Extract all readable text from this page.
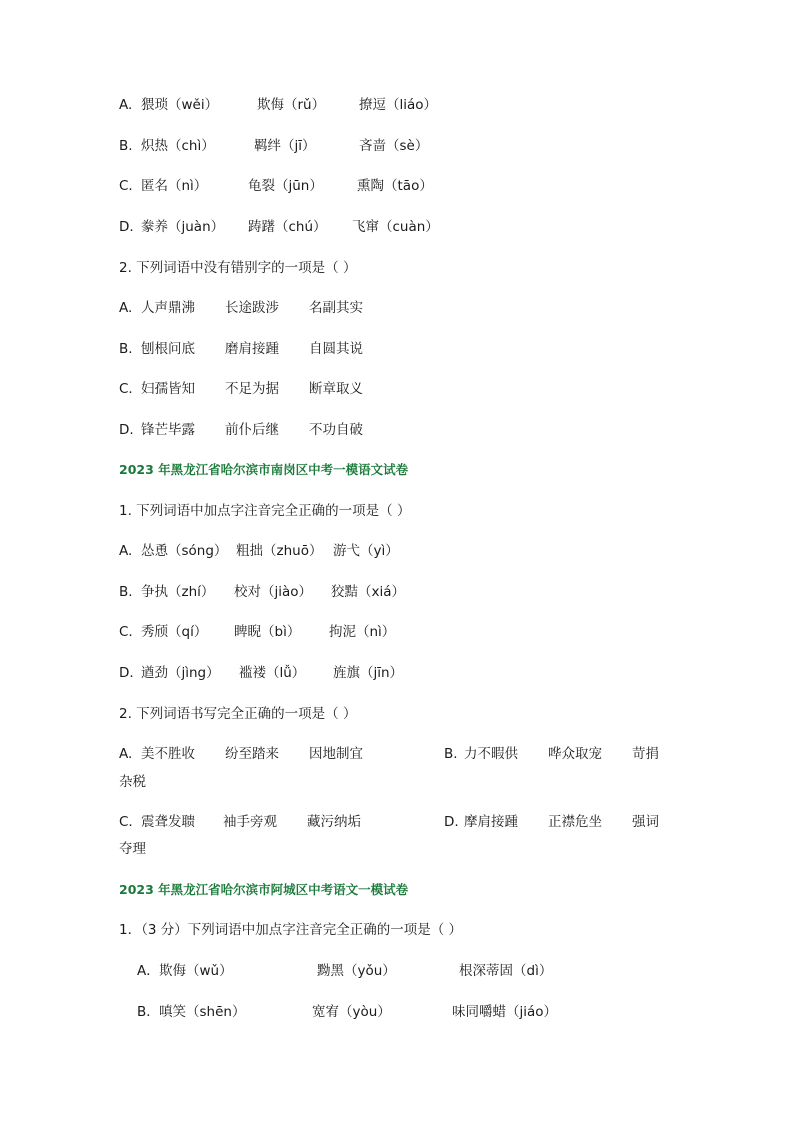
A. 猥琐（wěi）	欺侮（rǔ）	撩逗（liáo）
B. 炽热（chì）	羁绊（jī）	吝啬（sè）
C. 匿名（nì）	龟裂（jūn）	熏陶（tāo）
D. 豢养（juàn） 踌躇（chú） 飞窜（cuàn）
2. 下列词语中没有错别字的一项是（ ）
A. 人声鼎沸 长途跋涉 名副其实
B. 刨根问底 磨肩接踵 自圆其说
C. 妇孺皆知 不足为据 断章取义
D. 锋芒毕露 前仆后继 不功自破
2023 年黑龙江省哈尔滨市南岗区中考一模语文试卷
1. 下列词语中加点字注音完全正确的一项是（ ）
A. 怂恿（sóng） 粗拙（zhuō） 游弋（yì）
B. 争执（zhí） 校对（jiào） 狡黠（xiá）
C. 秀颀（qí） 睥睨（bì） 拘泥（nì）
D. 遒劲（jìng） 褴褛（lǚ） 旌旗（jīn）
2. 下列词语书写完全正确的一项是（ ）
A. 美不胜收 纷至踏来 因地制宜	B. 力不暇供 哗众取宠 苛捐
杂税
C. 震聋发聩 袖手旁观 藏污纳垢	D. 摩肩接踵 正襟危坐 强词
夺理
2023 年黑龙江省哈尔滨市阿城区中考语文一模试卷
1．（3 分）下列词语中加点字注音完全正确的一项是（ ）
A． 欺侮（wǔ）	黝黑（yǒu）	根深蒂固（dì）
B． 嗔笑（shēn）	宽宥（yòu）	味同嚼蜡（jiáo）
